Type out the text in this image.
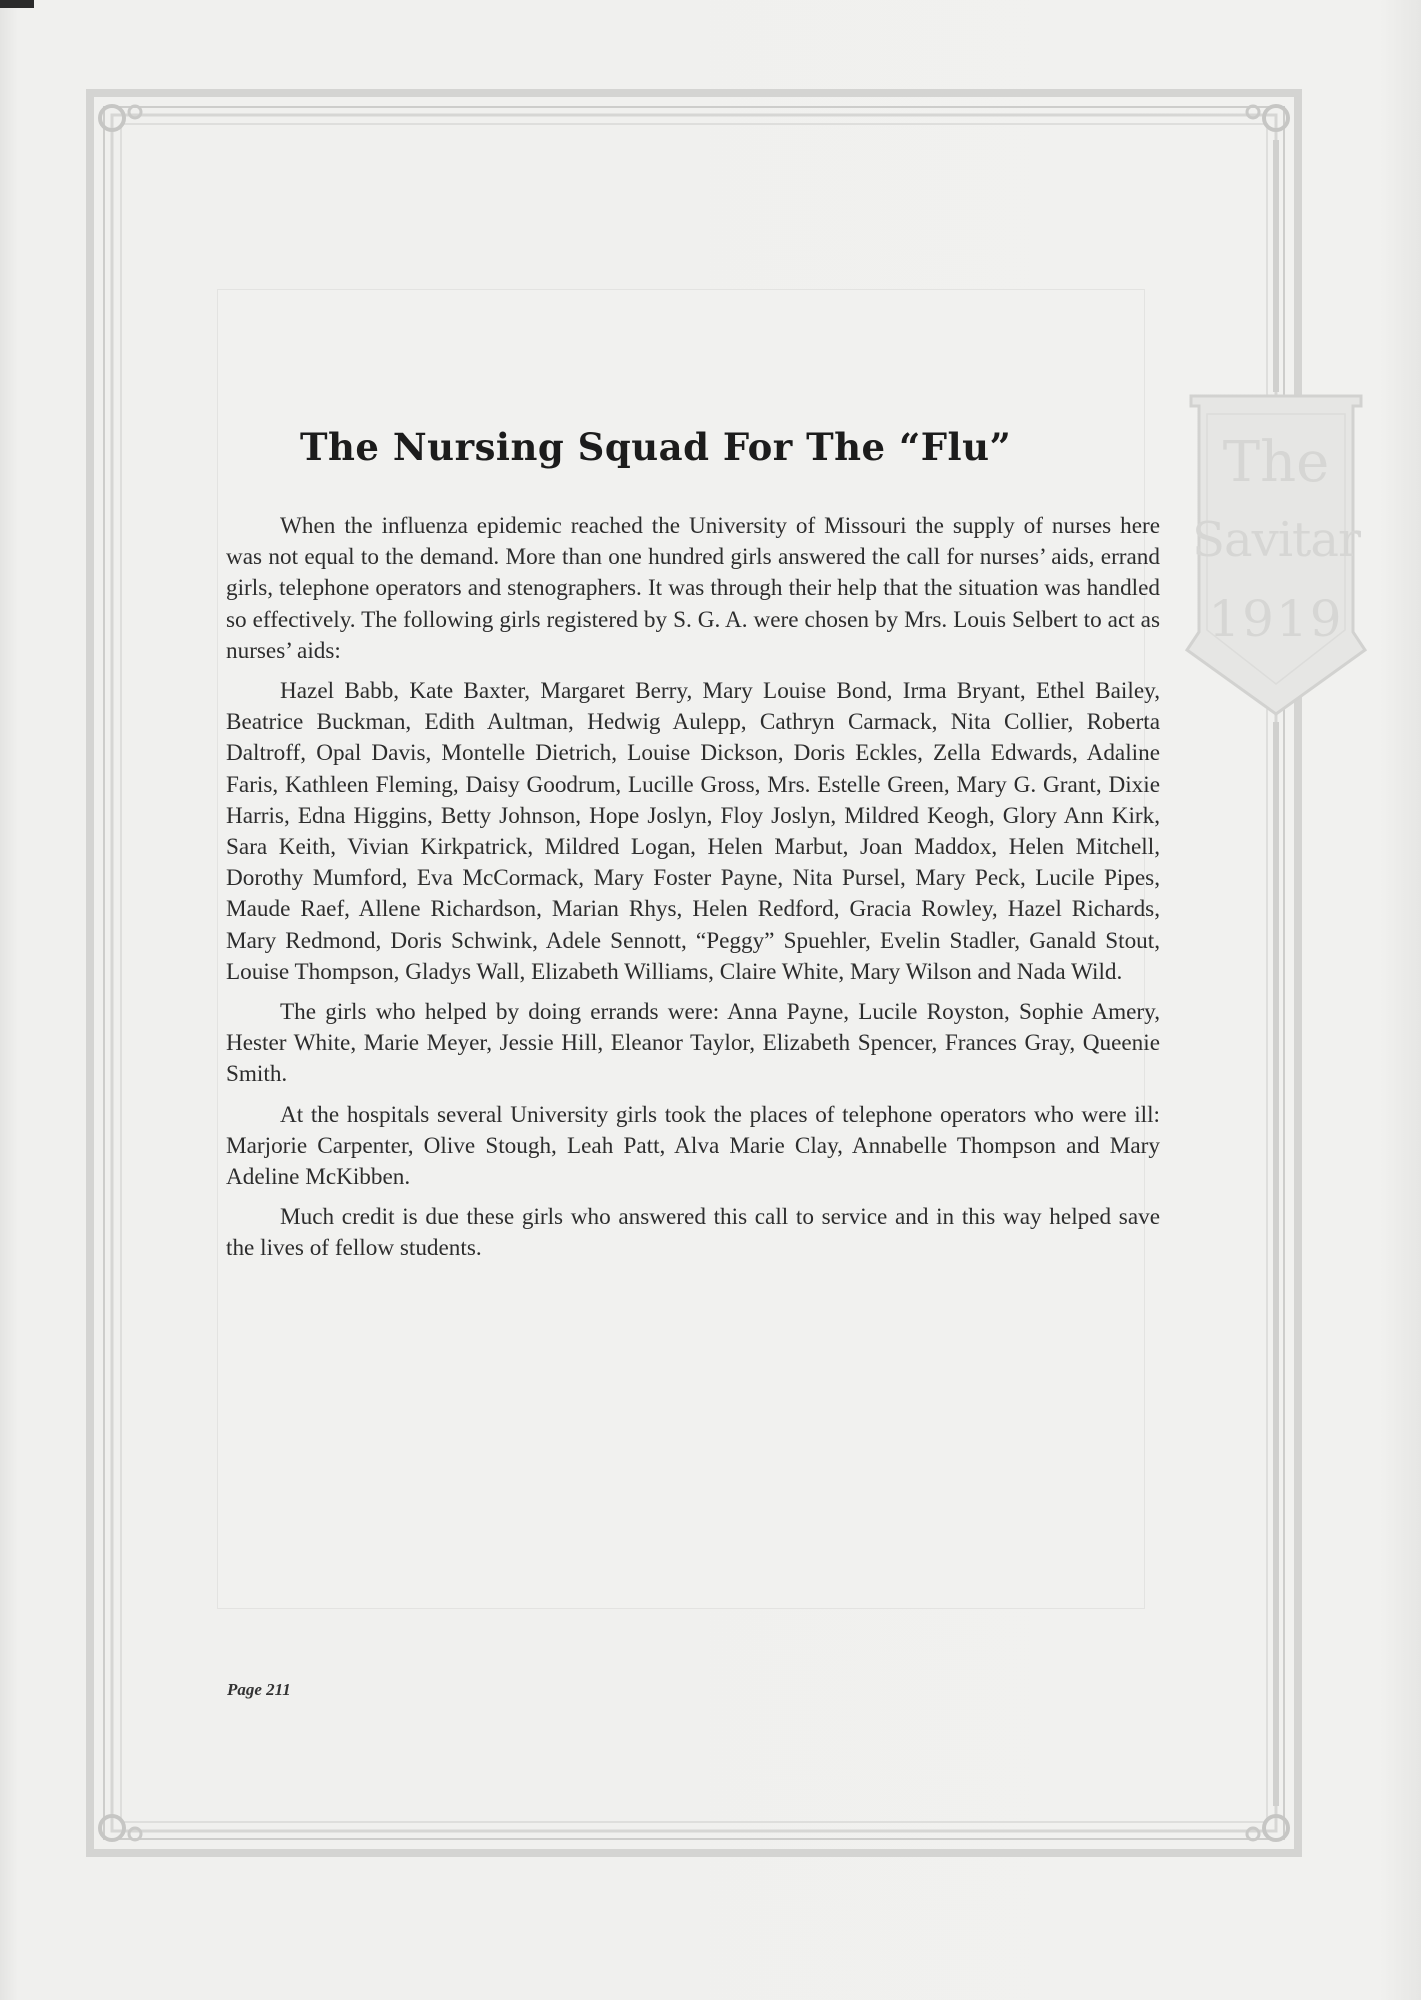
The
Savitar
1919
The Nursing Squad For The “Flu”

When the influenza epidemic reached the University of Missouri the supply of nurses here was not equal to the demand. More than one hundred girls answered the call for nurses’ aids, errand girls, telephone operators and stenographers. It was through their help that the situation was handled so effectively. The following girls registered by S. G. A. were chosen by Mrs. Louis Selbert to act as nurses’ aids:

Hazel Babb, Kate Baxter, Margaret Berry, Mary Louise Bond, Irma Bryant, Ethel Bailey, Beatrice Buckman, Edith Aultman, Hedwig Aulepp, Cathryn Carmack, Nita Collier, Roberta Daltroff, Opal Davis, Montelle Dietrich, Louise Dickson, Doris Eckles, Zella Edwards, Adaline Faris, Kathleen Fleming, Daisy Goodrum, Lucille Gross, Mrs. Estelle Green, Mary G. Grant, Dixie Harris, Edna Higgins, Betty Johnson, Hope Joslyn, Floy Joslyn, Mildred Keogh, Glory Ann Kirk, Sara Keith, Vivian Kirkpatrick, Mildred Logan, Helen Marbut, Joan Maddox, Helen Mitchell, Dorothy Mumford, Eva McCormack, Mary Foster Payne, Nita Pursel, Mary Peck, Lucile Pipes, Maude Raef, Allene Richardson, Marian Rhys, Helen Redford, Gracia Rowley, Hazel Richards, Mary Redmond, Doris Schwink, Adele Sennott, “Peggy” Spuehler, Evelin Stadler, Ganald Stout, Louise Thompson, Gladys Wall, Elizabeth Williams, Claire White, Mary Wilson and Nada Wild.

The girls who helped by doing errands were: Anna Payne, Lucile Royston, Sophie Amery, Hester White, Marie Meyer, Jessie Hill, Eleanor Taylor, Elizabeth Spencer, Frances Gray, Queenie Smith.

At the hospitals several University girls took the places of telephone operators who were ill: Marjorie Carpenter, Olive Stough, Leah Patt, Alva Marie Clay, Annabelle Thompson and Mary Adeline McKibben.

Much credit is due these girls who answered this call to service and in this way helped save the lives of fellow students.

Page 211
